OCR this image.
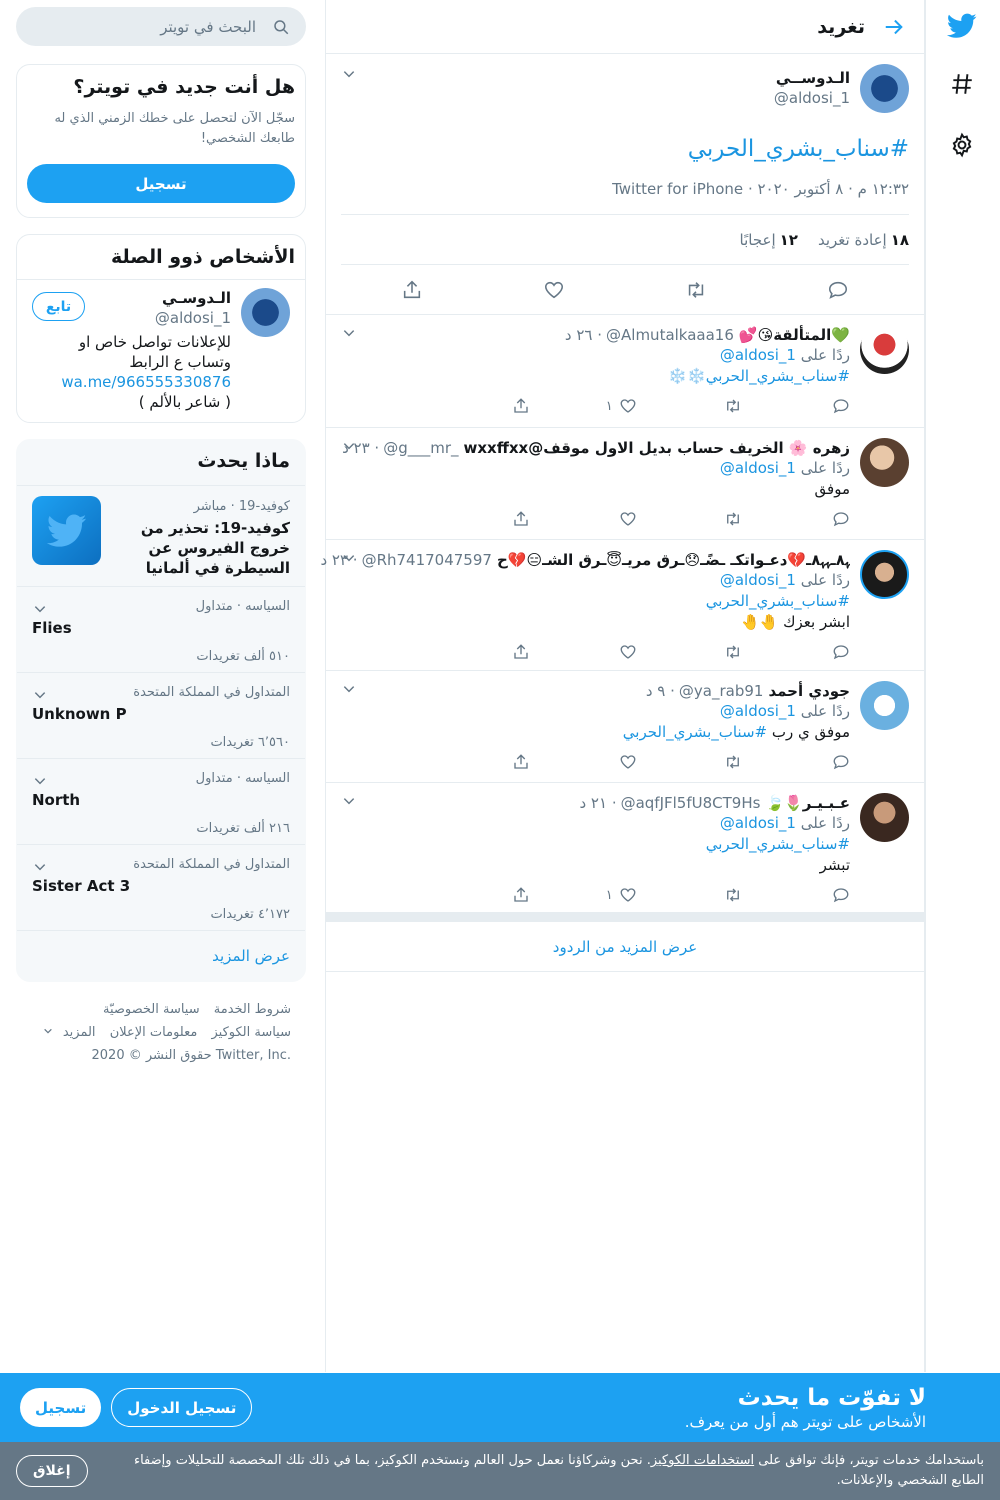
تغريد
الـدوســي
@aldosi_1
#سناب_بشري_الحربي
١٢:٣٢ م · ٨ أكتوبر ٢٠٢٠ · Twitter for iPhone
١٨إعادة تغريد
١٢إعجابًا
💚المتألقة😘💕
@Almutalkaaa16
· ٢٦ د
ردًا على @aldosi_1
#سناب_بشري_الحربي❄️❄️
١
زهره 🌸 الخريف حساب بديل الاول موقف@wxxffxx
@g___mr_
· ٢٣ د
ردًا على @aldosi_1
موفق
ﮩ٨ـﮩﮩ٨ـ💔دعـواتكـ ـضًـ😞ـرق مريـ😇ـرق الشـ😑💔ح
@Rh7417047597
· ٢٣ د
ردًا على @aldosi_1
#سناب_بشري_الحربي
ابشر بعزك 🤚🤚
جودي أحمد
@ya_rab91
· ٩ د
ردًا على @aldosi_1
موفق ي رب #سناب_بشري_الحربي
عـبـيـر🌷🍃
@aqfJFl5fU8CT9Hs
· ٢١ د
ردًا على @aldosi_1
#سناب_بشري_الحربي
تبشر
١
عرض المزيد من الردود
البحث في تويتر
هل أنت جديد في تويتر؟
سجّل الآن لتحصل على خطك الزمني الذي له طابعك الشخصي!
تسجيل
الأشخاص ذوو الصلة
الـدوسـي
@aldosi_1
للإعلانات تواصل خاص او وتساب ع الرابط
wa.me/966555330876
( شاعر بالألم )
تابع
ماذا يحدث
كوفيد-19 · مباشر
كوفيد-19: تحذير من خروج الفيروس عن السيطرة في ألمانيا
السياسه · متداول
Flies
٥١٠ ألف تغريدات
المتداول في المملكة المتحدة
Unknown P
٦٬٥٦٠ تغريدات
السياسه · متداول
North
٢١٦ ألف تغريدات
المتداول في المملكة المتحدة
Sister Act 3
٤٬١٧٢ تغريدات
عرض المزيد
شروط الخدمة سياسة الخصوصيّة
سياسة الكوكيز معلومات الإعلان المزيد
حقوق النشر © 2020 Twitter, Inc.
لا تفوّت ما يحدث
الأشخاص على تويتر هم أول من يعرف.
تسجيل الدخول
تسجيل
باستخدامك خدمات تويتر، فإنك توافق على استخدامات الكوكيز. نحن وشركاؤنا نعمل حول العالم ونستخدم الكوكيز، بما في ذلك تلك المخصصة للتحليلات وإضفاء الطابع الشخصي والإعلانات.
إغلاق
